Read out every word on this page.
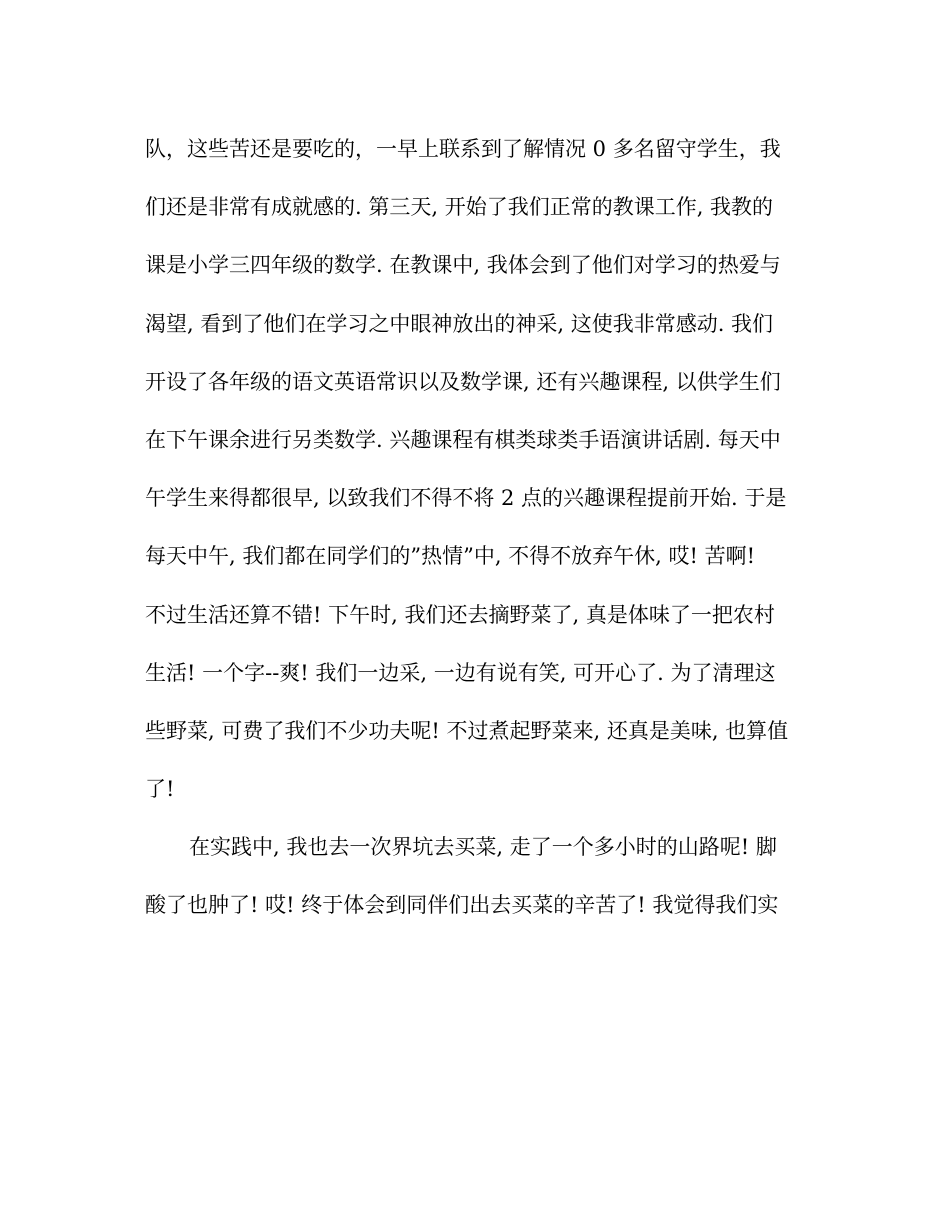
队，这些苦还是要吃的，一早上联系到了解情况 0 多名留守学生，我
们还是非常有成就感的. 第三天, 开始了我们正常的教课工作, 我教的
课是小学三四年级的数学. 在教课中, 我体会到了他们对学习的热爱与
渴望, 看到了他们在学习之中眼神放出的神采, 这使我非常感动. 我们
开设了各年级的语文英语常识以及数学课, 还有兴趣课程, 以供学生们
在下午课余进行另类数学. 兴趣课程有棋类球类手语演讲话剧. 每天中
午学生来得都很早, 以致我们不得不将 2 点的兴趣课程提前开始. 于是
每天中午, 我们都在同学们的”热情”中, 不得不放弃午休, 哎! 苦啊!
不过生活还算不错! 下午时, 我们还去摘野菜了, 真是体味了一把农村
生活! 一个字--爽! 我们一边采, 一边有说有笑, 可开心了. 为了清理这
些野菜, 可费了我们不少功夫呢! 不过煮起野菜来, 还真是美味, 也算值
了!
在实践中, 我也去一次界坑去买菜, 走了一个多小时的山路呢! 脚
酸了也肿了! 哎! 终于体会到同伴们出去买菜的辛苦了! 我觉得我们实
